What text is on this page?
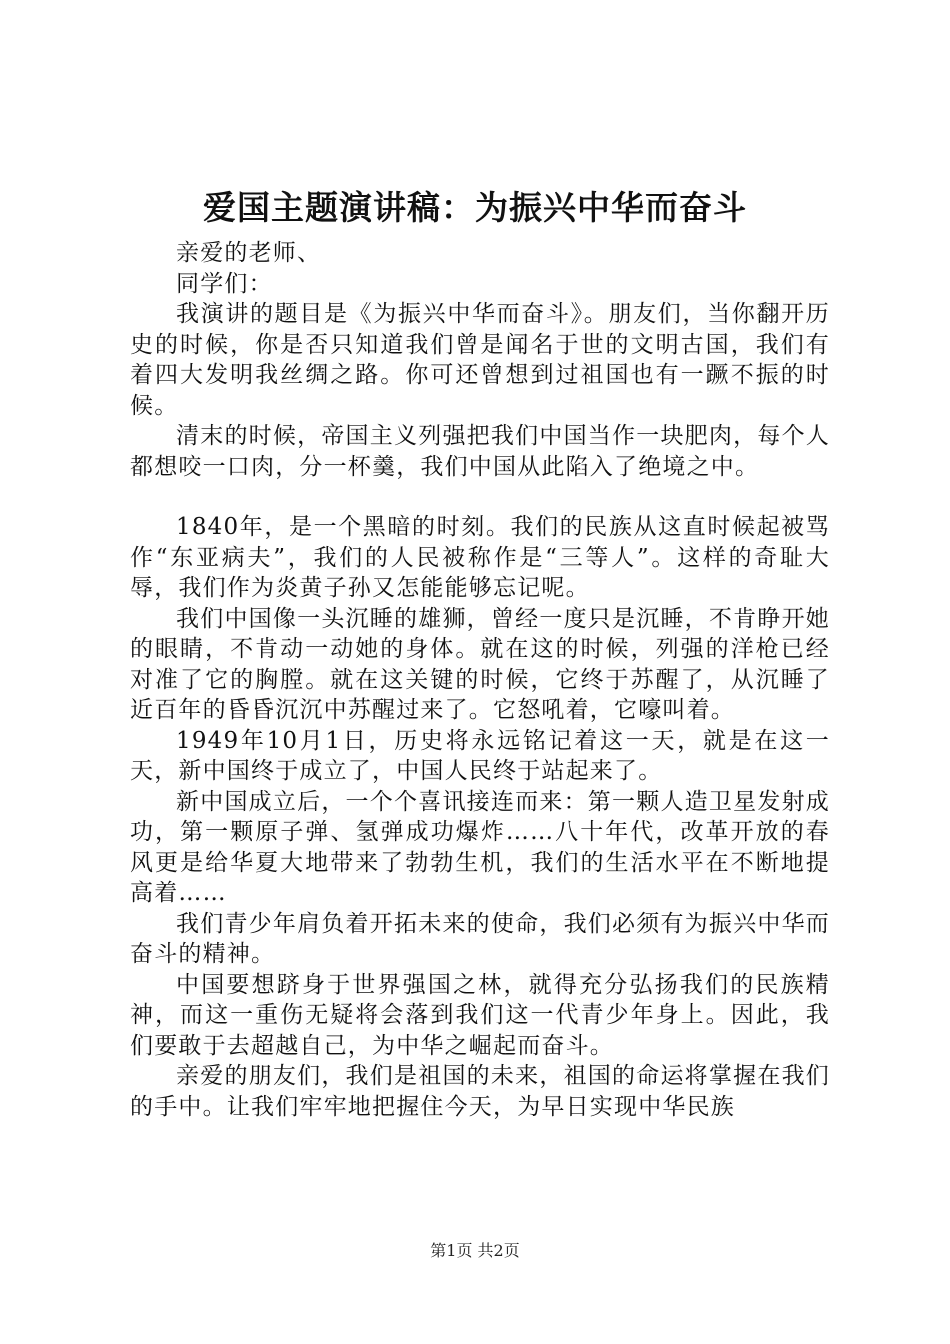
爱国主题演讲稿：为振兴中华而奋斗

亲爱的老师、

同学们：

我演讲的题目是《为振兴中华而奋斗》。朋友们，当你翻开历史的时候，你是否只知道我们曾是闻名于世的文明古国，我们有着四大发明我丝绸之路。你可还曾想到过祖国也有一蹶不振的时候。

清末的时候，帝国主义列强把我们中国当作一块肥肉，每个人都想咬一口肉，分一杯羹，我们中国从此陷入了绝境之中。

1840年，是一个黑暗的时刻。我们的民族从这直时候起被骂作“东亚病夫”，我们的人民被称作是“三等人”。这样的奇耻大辱，我们作为炎黄子孙又怎能能够忘记呢。

我们中国像一头沉睡的雄狮，曾经一度只是沉睡，不肯睁开她的眼睛，不肯动一动她的身体。就在这的时候，列强的洋枪已经对准了它的胸膛。就在这关键的时候，它终于苏醒了，从沉睡了近百年的昏昏沉沉中苏醒过来了。它怒吼着，它嚎叫着。

1949年10月1日，历史将永远铭记着这一天，就是在这一天，新中国终于成立了，中国人民终于站起来了。

新中国成立后，一个个喜讯接连而来：第一颗人造卫星发射成功，第一颗原子弹、氢弹成功爆炸……八十年代，改革开放的春风更是给华夏大地带来了勃勃生机，我们的生活水平在不断地提高着……

我们青少年肩负着开拓未来的使命，我们必须有为振兴中华而奋斗的精神。

中国要想跻身于世界强国之林，就得充分弘扬我们的民族精神，而这一重伤无疑将会落到我们这一代青少年身上。因此，我们要敢于去超越自己，为中华之崛起而奋斗。

亲爱的朋友们，我们是祖国的未来，祖国的命运将掌握在我们的手中。让我们牢牢地把握住今天，为早日实现中华民族

第1页 共2页
